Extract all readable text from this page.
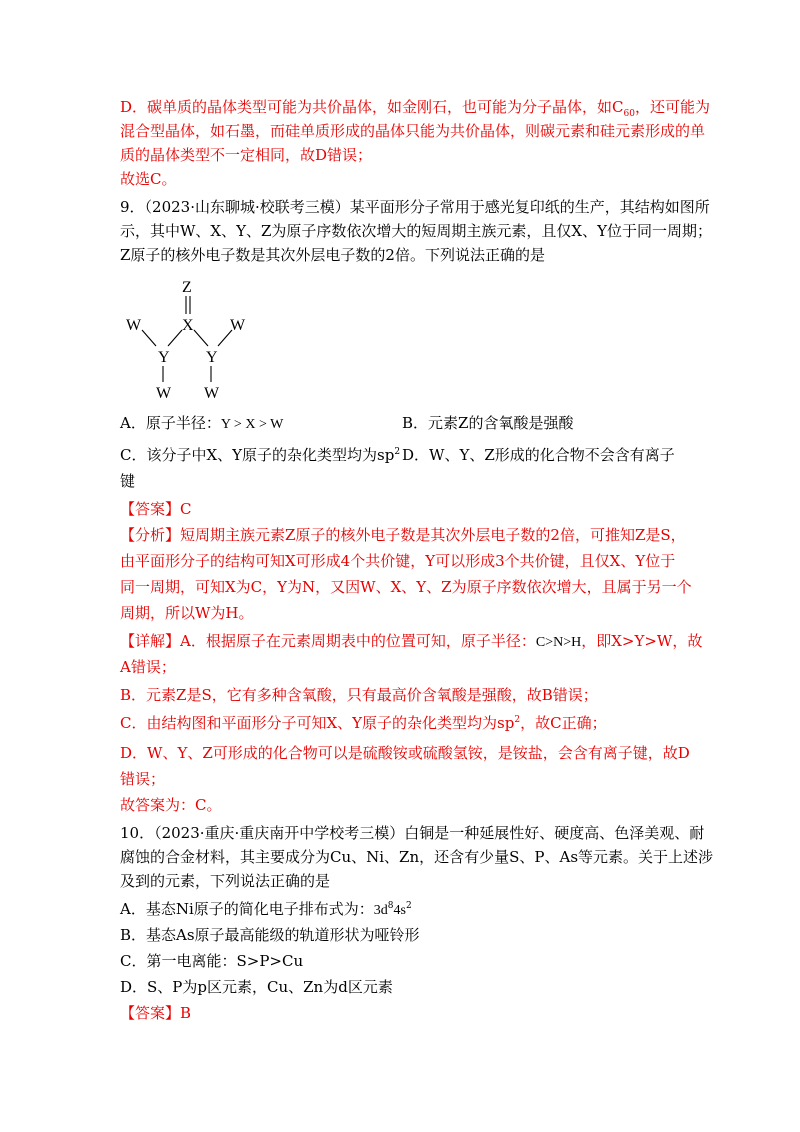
D．碳单质的晶体类型可能为共价晶体，如金刚石，也可能为分子晶体，如$C_{60}$，还可能为
混合型晶体，如石墨，而硅单质形成的晶体只能为共价晶体，则碳元素和硅元素形成的单
质的晶体类型不一定相同，故D错误；
故选C。
9．（2023·山东聊城·校联考三模）某平面形分子常用于感光复印纸的生产，其结构如图所
示，其中W、X、Y、Z为原子序数依次增大的短周期主族元素，且仅X、Y位于同一周期；
Z原子的核外电子数是其次外层电子数的2倍。下列说法正确的是
Z
X
W	W
Y Y
W W
A．原子半径：Y > X > W	B．元素Z的含氧酸是强酸
C．该分子中X、Y原子的杂化类型均为$sp^2$ D．W、Y、Z形成的化合物不会含有离子
键
【答案】C
【分析】短周期主族元素Z原子的核外电子数是其次外层电子数的2倍，可推知Z是S，
由平面形分子的结构可知X可形成4个共价键，Y可以形成3个共价键，且仅X、Y位于
同一周期，可知X为C，Y为N，又因W、X、Y、Z为原子序数依次增大，且属于另一个
周期，所以W为H。
【详解】A．根据原子在元素周期表中的位置可知，原子半径：C>N>H，即X>Y>W，故
A错误；
B．元素Z是S，它有多种含氧酸，只有最高价含氧酸是强酸，故B错误；
C．由结构图和平面形分子可知X、Y原子的杂化类型均为$sp^2$，故C正确；
D．W、Y、Z可形成的化合物可以是硫酸铵或硫酸氢铵，是铵盐，会含有离子键，故D
错误；
故答案为：C。
10．（2023·重庆·重庆南开中学校考三模）白铜是一种延展性好、硬度高、色泽美观、耐
腐蚀的合金材料，其主要成分为Cu、Ni、Zn，还含有少量S、P、As等元素。关于上述涉
及到的元素，下列说法正确的是
A．基态Ni原子的简化电子排布式为：$3d^84s^2$
B．基态As原子最高能级的轨道形状为哑铃形
C．第一电离能：S>P>Cu
D．S、P为p区元素，Cu、Zn为d区元素
【答案】B
